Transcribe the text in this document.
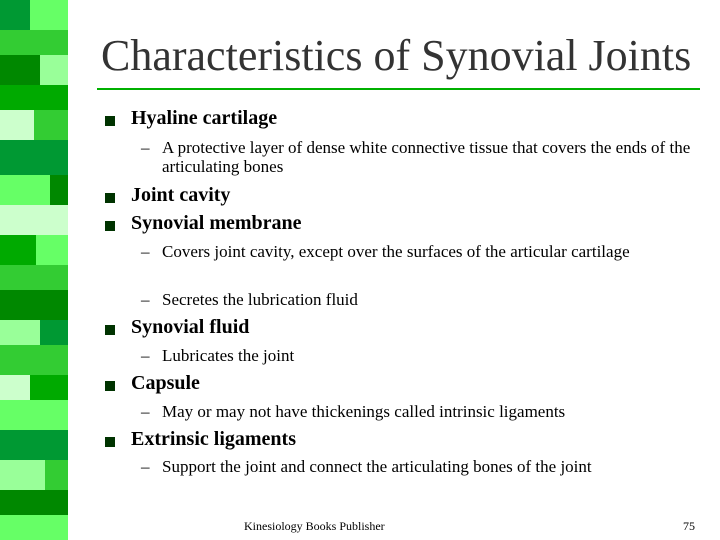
Characteristics of Synovial Joints
Hyaline cartilage
– A protective layer of dense white connective tissue that covers the ends of the articulating bones
Joint cavity
Synovial membrane
– Covers joint cavity, except over the surfaces of the articular cartilage
– Secretes the lubrication fluid
Synovial fluid
– Lubricates the joint
Capsule
– May or may not have thickenings called intrinsic ligaments
Extrinsic ligaments
– Support the joint and connect the articulating bones of the joint
Kinesiology Books Publisher	75
